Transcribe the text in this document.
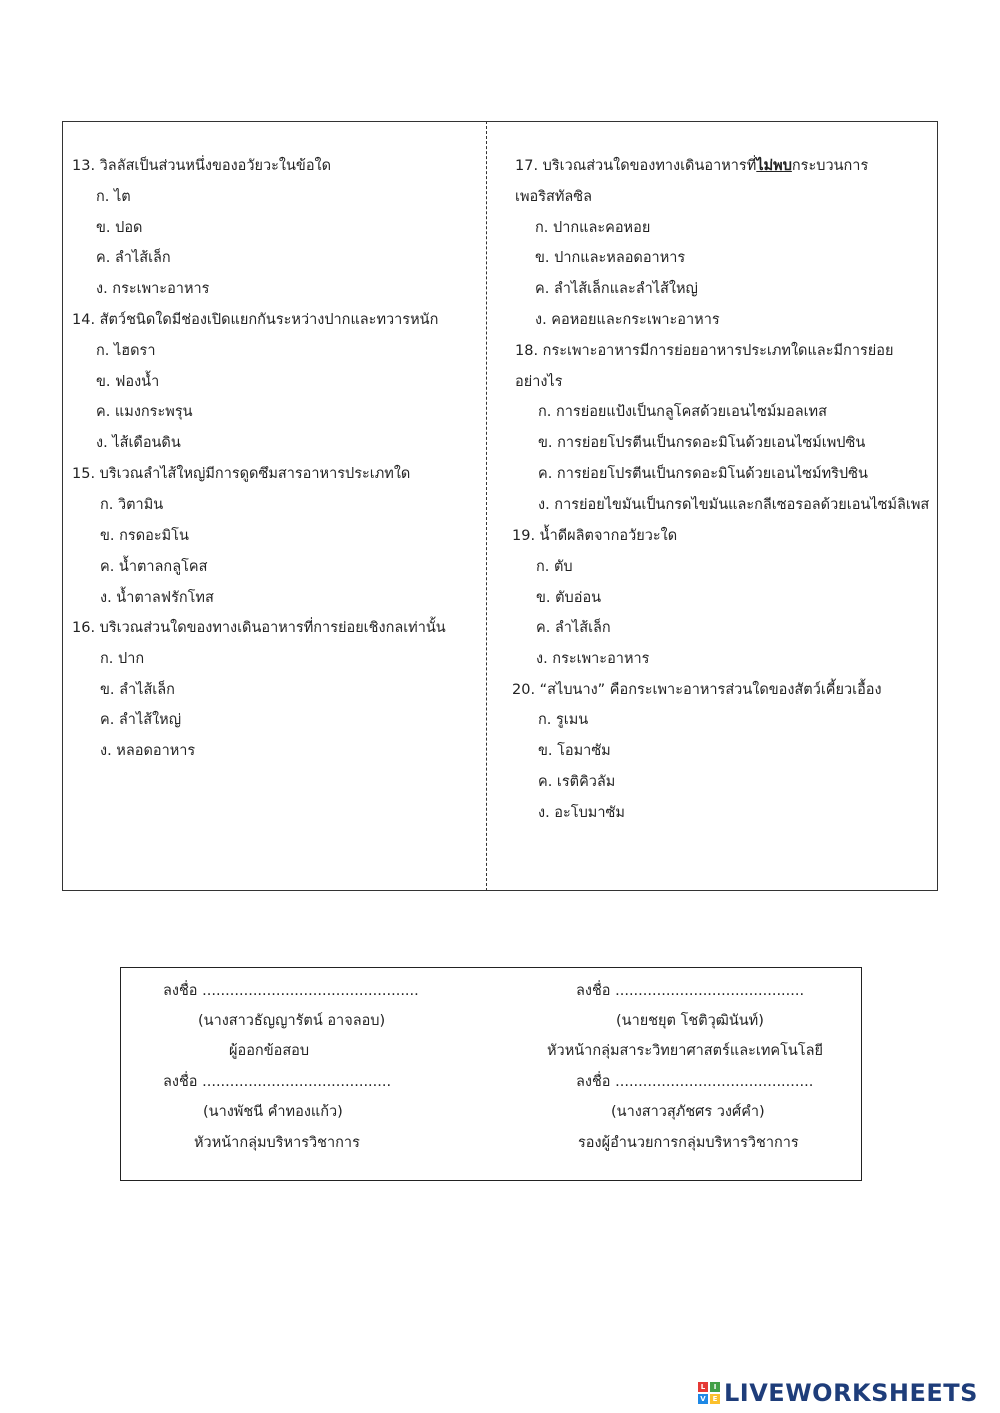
13. วิลลัสเป็นส่วนหนึ่งของอวัยวะในข้อใด
ก. ไต
ข. ปอด
ค. ลำไส้เล็ก
ง. กระเพาะอาหาร
14. สัตว์ชนิดใดมีช่องเปิดแยกกันระหว่างปากและทวารหนัก
ก. ไฮดรา
ข. ฟองน้ำ
ค. แมงกระพรุน
ง. ไส้เดือนดิน
15. บริเวณลำไส้ใหญ่มีการดูดซึมสารอาหารประเภทใด
ก. วิตามิน
ข. กรดอะมิโน
ค. น้ำตาลกลูโคส
ง. น้ำตาลฟรักโทส
16. บริเวณส่วนใดของทางเดินอาหารที่การย่อยเชิงกลเท่านั้น
ก. ปาก
ข. ลำไส้เล็ก
ค. ลำไส้ใหญ่
ง. หลอดอาหาร
17. บริเวณส่วนใดของทางเดินอาหารที่ไม่พบกระบวนการ
เพอริสทัลซิล
ก. ปากและคอหอย
ข. ปากและหลอดอาหาร
ค. ลำไส้เล็กและลำไส้ใหญ่
ง. คอหอยและกระเพาะอาหาร
18. กระเพาะอาหารมีการย่อยอาหารประเภทใดและมีการย่อย
อย่างไร
ก. การย่อยแป้งเป็นกลูโคสด้วยเอนไซม์มอลเทส
ข. การย่อยโปรตีนเป็นกรดอะมิโนด้วยเอนไซม์เพปซิน
ค. การย่อยโปรตีนเป็นกรดอะมิโนด้วยเอนไซม์ทริปซิน
ง. การย่อยไขมันเป็นกรดไขมันและกลีเซอรอลด้วยเอนไซม์ลิเพส
19. น้ำดีผลิตจากอวัยวะใด
ก. ตับ
ข. ตับอ่อน
ค. ลำไส้เล็ก
ง. กระเพาะอาหาร
20. “สไบนาง” คือกระเพาะอาหารส่วนใดของสัตว์เคี้ยวเอื้อง
ก. รูเมน
ข. โอมาซัม
ค. เรติคิวลัม
ง. อะโบมาซัม
ลงชื่อ ...............................................
(นางสาวธัญญารัตน์ อาจลอบ)
ผู้ออกข้อสอบ
ลงชื่อ .........................................
(นายชยุต โชติวุฒินันท์)
หัวหน้ากลุ่มสาระวิทยาศาสตร์และเทคโนโลยี
ลงชื่อ .........................................
(นางพัชนี คำทองแก้ว)
หัวหน้ากลุ่มบริหารวิชาการ
ลงชื่อ ...........................................
(นางสาวสุภัชศร วงศ์คำ)
รองผู้อำนวยการกลุ่มบริหารวิชาการ
L	I
V E LIVEWORKSHEETS
